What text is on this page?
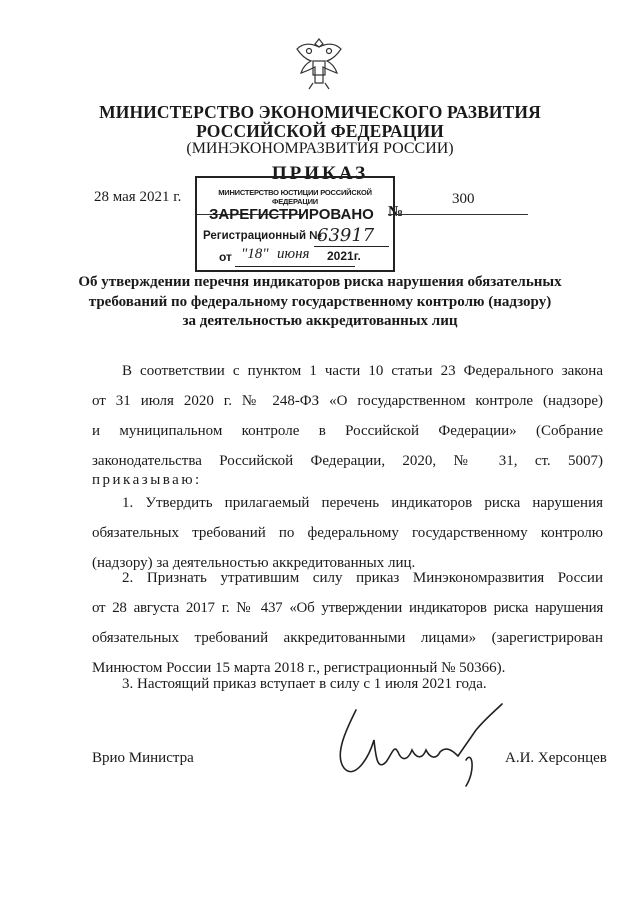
МИНИСТЕРСТВО ЭКОНОМИЧЕСКОГО РАЗВИТИЯ
РОССИЙСКОЙ ФЕДЕРАЦИИ
(МИНЭКОНОМРАЗВИТИЯ РОССИИ)
ПРИКАЗ
28 мая 2021 г.
№
300
МИНИСТЕРСТВО ЮСТИЦИИ РОССИЙСКОЙ ФЕДЕРАЦИИ
ЗАРЕГИСТРИРОВАНО
Регистрационный №
63917
от "18" июня 2021г.
Об утверждении перечня индикаторов риска нарушения обязательных
требований по федеральному государственному контролю (надзору)
за деятельностью аккредитованных лиц
В соответствии с пунктом 1 части 10 статьи 23 Федерального закона
от 31 июля 2020 г. № 248-ФЗ «О государственном контроле (надзоре)
и муниципальном контроле в Российской Федерации» (Собрание
законодательства Российской Федерации, 2020, № 31, ст. 5007)
приказываю:
1. Утвердить прилагаемый перечень индикаторов риска нарушения
обязательных требований по федеральному государственному контролю
(надзору) за деятельностью аккредитованных лиц.
2. Признать утратившим силу приказ Минэкономразвития России
от 28 августа 2017 г. № 437 «Об утверждении индикаторов риска нарушения
обязательных требований аккредитованными лицами» (зарегистрирован
Минюстом России 15 марта 2018 г., регистрационный № 50366).
3. Настоящий приказ вступает в силу с 1 июля 2021 года.
Врио Министра	А.И. Херсонцев
